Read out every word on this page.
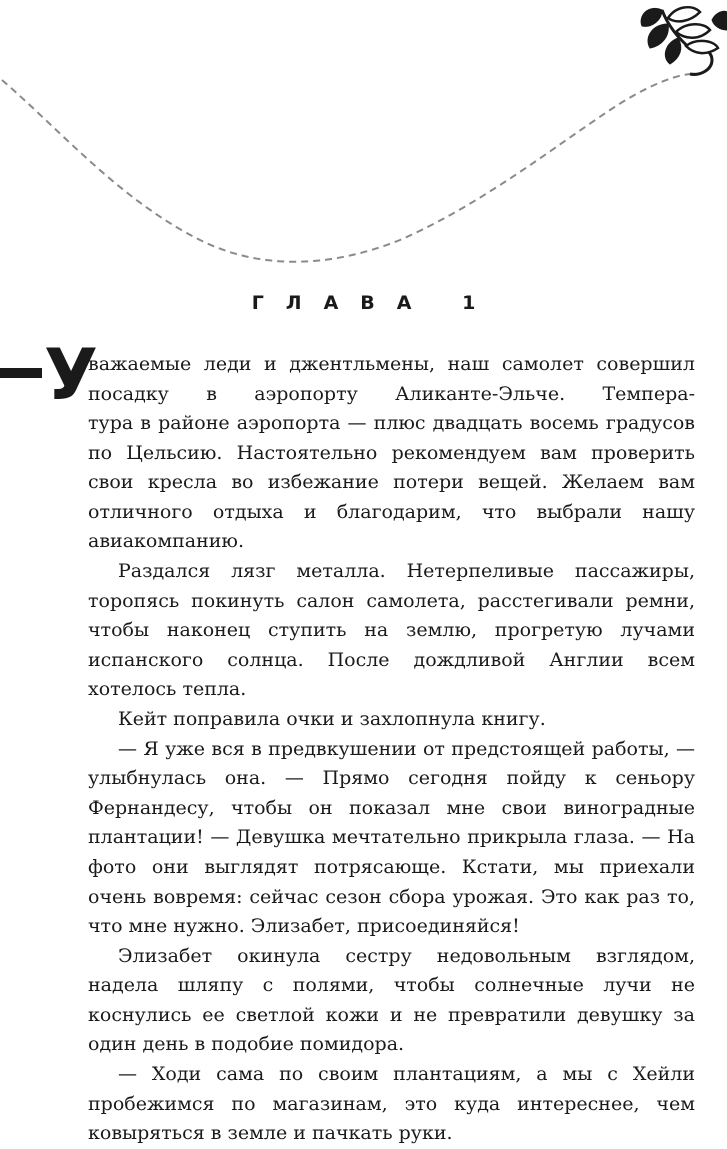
ГЛАВА 1
У

важаемые леди и джентльмены, наш самолет совершил посадку в аэропорту Аликанте-Эльче. Темпера-

тура в районе аэропорта — плюс двадцать восемь градусов по Цельсию. Настоятельно рекомендуем вам проверить свои кресла во избежание потери вещей. Желаем вам отличного отдыха и благодарим, что выбрали нашу авиакомпанию.

Раздался лязг металла. Нетерпеливые пассажиры, торопясь покинуть салон самолета, расстегивали ремни, чтобы наконец ступить на землю, прогретую лучами испанского солнца. После дождливой Англии всем хотелось тепла.

Кейт поправила очки и захлопнула книгу.

— Я уже вся в предвкушении от предстоящей работы, — улыбнулась она. — Прямо сегодня пойду к сеньору Фернандесу, чтобы он показал мне свои виноградные плантации! — Девушка мечтательно прикрыла глаза. — На фото они выглядят потрясающе. Кстати, мы приехали очень вовремя: сейчас сезон сбора урожая. Это как раз то, что мне нужно. Элизабет, присоединяйся!

Элизабет окинула сестру недовольным взглядом, надела шляпу с полями, чтобы солнечные лучи не коснулись ее светлой кожи и не превратили девушку за один день в подобие помидора.

— Ходи сама по своим плантациям, а мы с Хейли пробежимся по магазинам, это куда интереснее, чем ковыряться в земле и пачкать руки.
